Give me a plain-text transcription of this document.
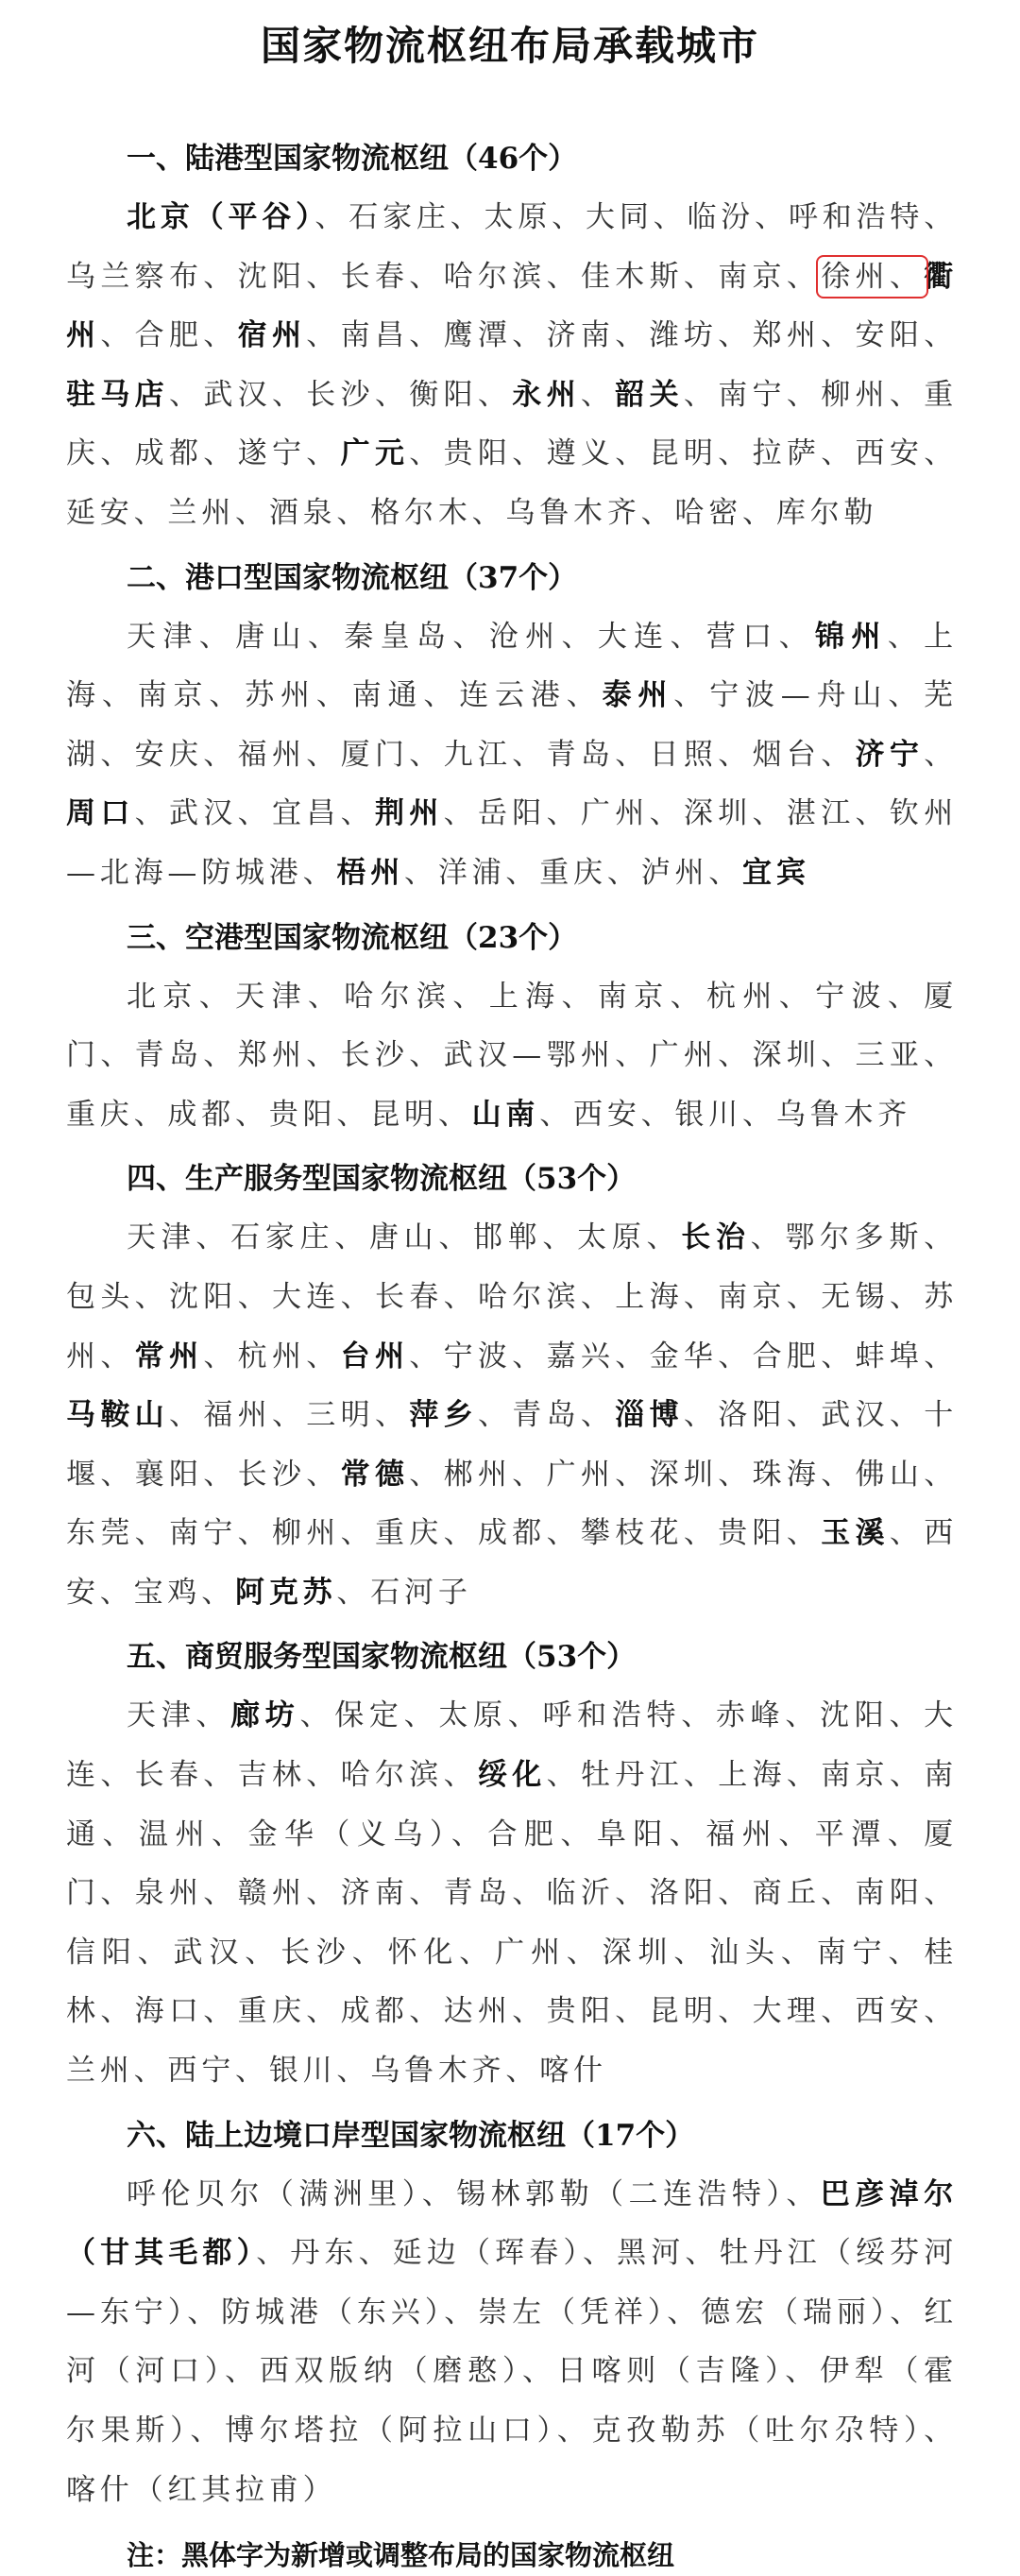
国家物流枢纽布局承载城市
一、陆港型国家物流枢纽（46个）
北京（平谷）、石家庄、太原、大同、临汾、呼和浩特、乌兰察布、沈阳、长春、哈尔滨、佳木斯、南京、徐州、衢州、合肥、宿州、南昌、鹰潭、济南、潍坊、郑州、安阳、驻马店、武汉、长沙、衡阳、永州、韶关、南宁、柳州、重庆、成都、遂宁、广元、贵阳、遵义、昆明、拉萨、西安、延安、兰州、酒泉、格尔木、乌鲁木齐、哈密、库尔勒
二、港口型国家物流枢纽（37个）
天津、唐山、秦皇岛、沧州、大连、营口、锦州、上海、南京、苏州、南通、连云港、泰州、宁波—舟山、芜湖、安庆、福州、厦门、九江、青岛、日照、烟台、济宁、周口、武汉、宜昌、荆州、岳阳、广州、深圳、湛江、钦州—北海—防城港、梧州、洋浦、重庆、泸州、宜宾
三、空港型国家物流枢纽（23个）
北京、天津、哈尔滨、上海、南京、杭州、宁波、厦门、青岛、郑州、长沙、武汉—鄂州、广州、深圳、三亚、重庆、成都、贵阳、昆明、山南、西安、银川、乌鲁木齐
四、生产服务型国家物流枢纽（53个）
天津、石家庄、唐山、邯郸、太原、长治、鄂尔多斯、包头、沈阳、大连、长春、哈尔滨、上海、南京、无锡、苏州、常州、杭州、台州、宁波、嘉兴、金华、合肥、蚌埠、马鞍山、福州、三明、萍乡、青岛、淄博、洛阳、武汉、十堰、襄阳、长沙、常德、郴州、广州、深圳、珠海、佛山、东莞、南宁、柳州、重庆、成都、攀枝花、贵阳、玉溪、西安、宝鸡、阿克苏、石河子
五、商贸服务型国家物流枢纽（53个）
天津、廊坊、保定、太原、呼和浩特、赤峰、沈阳、大连、长春、吉林、哈尔滨、绥化、牡丹江、上海、南京、南通、温州、金华（义乌）、合肥、阜阳、福州、平潭、厦门、泉州、赣州、济南、青岛、临沂、洛阳、商丘、南阳、信阳、武汉、长沙、怀化、广州、深圳、汕头、南宁、桂林、海口、重庆、成都、达州、贵阳、昆明、大理、西安、兰州、西宁、银川、乌鲁木齐、喀什
六、陆上边境口岸型国家物流枢纽（17个）
呼伦贝尔（满洲里）、锡林郭勒（二连浩特）、巴彦淖尔（甘其毛都）、丹东、延边（珲春）、黑河、牡丹江（绥芬河—东宁）、防城港（东兴）、崇左（凭祥）、德宏（瑞丽）、红河（河口）、西双版纳（磨憨）、日喀则（吉隆）、伊犁（霍尔果斯）、博尔塔拉（阿拉山口）、克孜勒苏（吐尔尕特）、喀什（红其拉甫）
注：黑体字为新增或调整布局的国家物流枢纽
